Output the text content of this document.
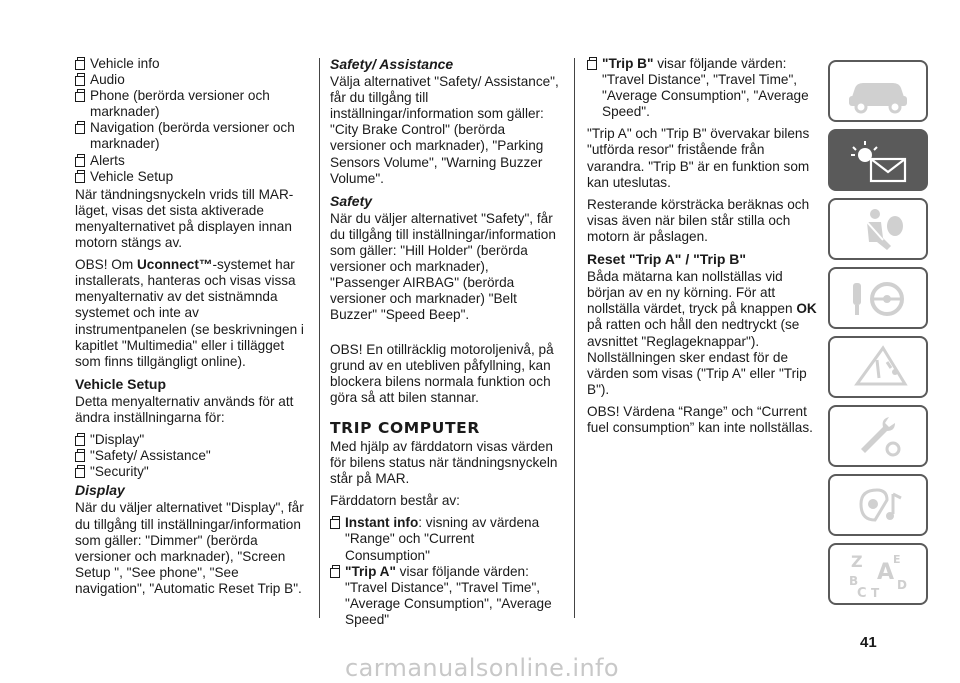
Vehicle info
Audio
Phone (berörda versioner och marknader)
Navigation (berörda versioner och marknader)
Alerts
Vehicle Setup

När tändningsnyckeln vrids till MAR-läget, visas det sista aktiverade menyalternativet på displayen innan motorn stängs av.

OBS! Om Uconnect™-systemet har installerats, hanteras och visas vissa menyalternativ av det sistnämnda systemet och inte av instrumentpanelen (se beskrivningen i kapitlet "Multimedia" eller i tillägget som finns tillgängligt online).

Vehicle Setup

Detta menyalternativ används för att ändra inställningarna för:

"Display"
"Safety/ Assistance"
"Security"
Display

När du väljer alternativet "Display", får du tillgång till inställningar/information som gäller: "Dimmer" (berörda versioner och marknader), "Screen Setup ", "See phone", "See navigation", "Automatic Reset Trip B".

Safety/ Assistance

Välja alternativet "Safety/ Assistance", får du tillgång till inställningar/information som gäller: "City Brake Control" (berörda versioner och marknader), "Parking Sensors Volume", "Warning Buzzer Volume".

Safety

När du väljer alternativet "Safety", får du tillgång till inställningar/information som gäller: "Hill Holder" (berörda versioner och marknader), "Passenger AIRBAG" (berörda versioner och marknader) "Belt Buzzer" "Speed Beep".

OBS! En otillräcklig motoroljenivå, på grund av en utebliven påfyllning, kan blockera bilens normala funktion och göra så att bilen stannar.

TRIP COMPUTER

Med hjälp av färddatorn visas värden för bilens status när tändningsnyckeln står på MAR.

Färddatorn består av:

Instant info: visning av värdena "Range" och "Current Consumption"
"Trip A" visar följande värden: "Travel Distance", "Travel Time", "Average Consumption", "Average Speed"
"Trip B" visar följande värden: "Travel Distance", "Travel Time", "Average Consumption", "Average Speed".

"Trip A" och "Trip B" övervakar bilens "utförda resor" fristående från varandra. "Trip B" är en funktion som kan uteslutas.

Resterande körsträcka beräknas och visas även när bilen står stilla och motorn är påslagen.

Reset "Trip A" / "Trip B"

Båda mätarna kan nollställas vid början av en ny körning. För att nollställa värdet, tryck på knappen OK på ratten och håll den nedtryckt (se avsnittet "Reglageknappar"). Nollställningen sker endast för de värden som visas ("Trip A" eller "Trip B").

OBS! Värdena “Range” och “Current fuel consumption” kan inte nollställas.

Z	E
A
B
C T
D
41
carmanualsonline.info
